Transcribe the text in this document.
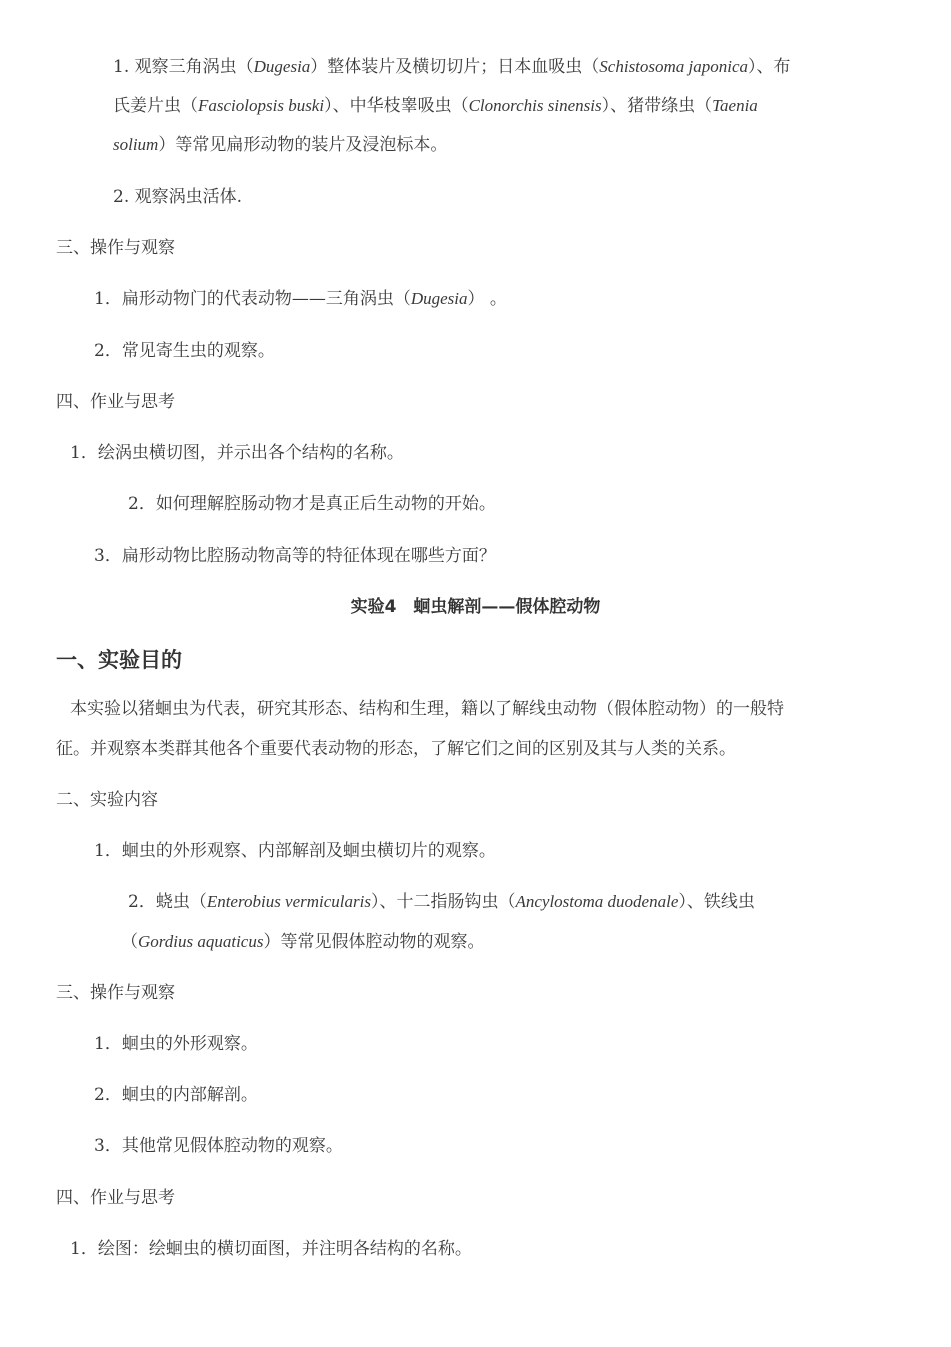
1. 观察三角涡虫（Dugesia）整体装片及横切切片；日本血吸虫（Schistosoma japonica）、布
氏姜片虫（Fasciolopsis buski）、中华枝睾吸虫（Clonorchis sinensis）、猪带绦虫（Taenia
solium）等常见扁形动物的装片及浸泡标本。
2. 观察涡虫活体.
三、操作与观察
1．扁形动物门的代表动物——三角涡虫（Dugesia） 。
2．常见寄生虫的观察。
四、作业与思考
1．绘涡虫横切图，并示出各个结构的名称。
2．如何理解腔肠动物才是真正后生动物的开始。
3．扁形动物比腔肠动物高等的特征体现在哪些方面？
实验4　蛔虫解剖——假体腔动物
一、实验目的
本实验以猪蛔虫为代表，研究其形态、结构和生理，籍以了解线虫动物（假体腔动物）的一般特
征。并观察本类群其他各个重要代表动物的形态，了解它们之间的区别及其与人类的关系。
二、实验内容
1．蛔虫的外形观察、内部解剖及蛔虫横切片的观察。
2．蛲虫（Enterobius vermicularis）、十二指肠钩虫（Ancylostoma duodenale）、铁线虫
（Gordius aquaticus）等常见假体腔动物的观察。
三、操作与观察
1．蛔虫的外形观察。
2．蛔虫的内部解剖。
3．其他常见假体腔动物的观察。
四、作业与思考
1．绘图：绘蛔虫的横切面图，并注明各结构的名称。
